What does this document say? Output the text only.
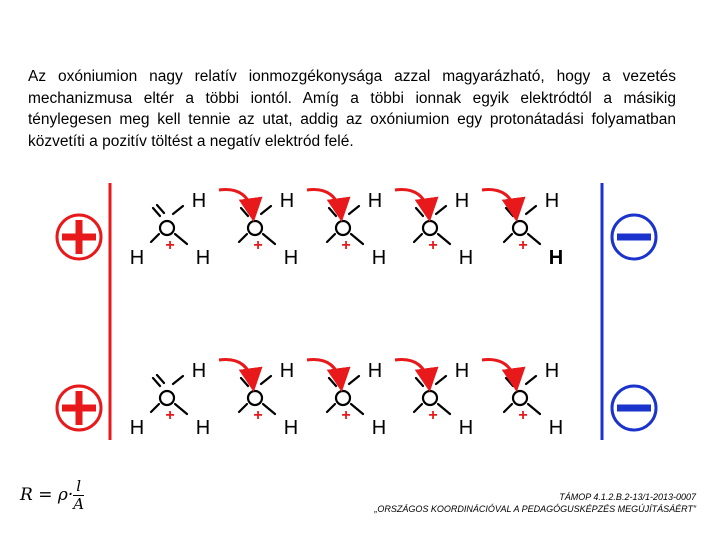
Az oxóniumion nagy relatív ionmozgékonysága azzal magyarázható, hogy a vezetés mechanizmusa eltér a többi iontól. Amíg a többi ionnak egyik elektródtól a másikig ténylegesen meg kell tennie az utat, addig az oxóniumion egy protonátadási folyamatban közvetíti a pozitív töltést a negatív elektród felé.

H
H
H
+
H
H
+
H
H
+
H
H
+
H
H
+
H
H
H
+
H
H
+
H
H
+
H
H
+
H
H
+
$R = \rho\cdot \frac{l}{A}$	TÁMOP 4.1.2.B.2-13/1-2013-0007
„ORSZÁGOS KOORDINÁCIÓVAL A PEDAGÓGUSKÉPZÉS MEGÚJÍTÁSÁÉRT”
